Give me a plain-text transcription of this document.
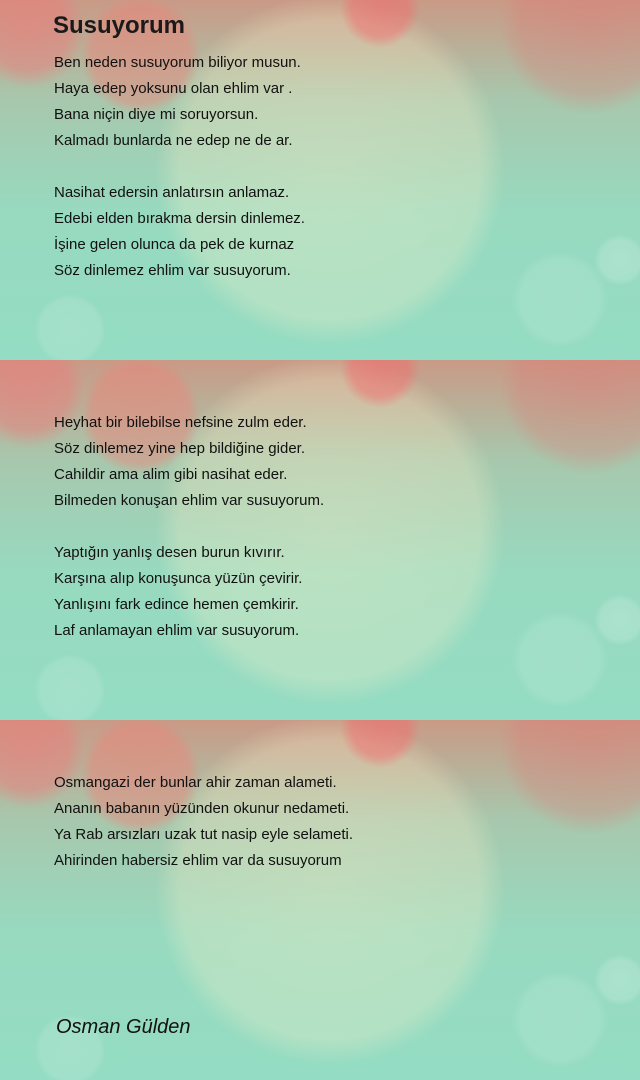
Susuyorum
Ben neden susuyorum biliyor musun.
Haya edep yoksunu olan ehlim var .
Bana niçin diye mi soruyorsun.
Kalmadı bunlarda ne edep ne de ar.
Nasihat edersin anlatırsın anlamaz.
Edebi elden bırakma dersin dinlemez.
İşine gelen olunca da pek de kurnaz
Söz dinlemez ehlim var susuyorum.
Heyhat bir bilebilse nefsine zulm eder.
Söz dinlemez yine hep bildiğine gider.
Cahildir ama alim gibi nasihat eder.
Bilmeden konuşan ehlim var susuyorum.
Yaptığın yanlış desen burun kıvırır.
Karşına alıp konuşunca yüzün çevirir.
Yanlışını fark edince hemen çemkirir.
Laf anlamayan ehlim var susuyorum.
Osmangazi der bunlar ahir zaman alameti.
Ananın babanın yüzünden okunur nedameti.
Ya Rab arsızları uzak tut nasip eyle selameti.
Ahirinden habersiz ehlim var da susuyorum
Osman Gülden
